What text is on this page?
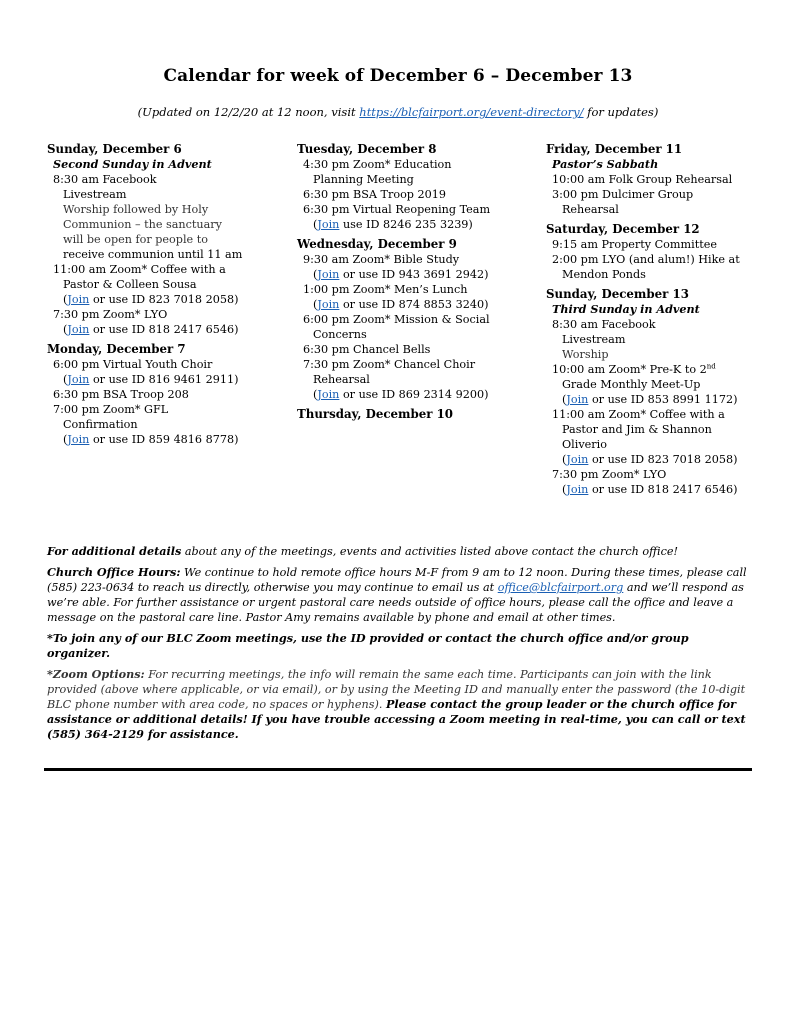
Calendar for week of December 6 – December 13
(Updated on 12/2/20 at 12 noon, visit https://blcfairport.org/event-directory/ for updates)
Sunday, December 6
Second Sunday in Advent
8:30 am Facebook
Livestream
Worship followed by Holy
Communion – the sanctuary
will be open for people to
receive communion until 11 am
11:00 am Zoom* Coffee with a
Pastor & Colleen Sousa
(Join or use ID 823 7018 2058)
7:30 pm Zoom* LYO
(Join or use ID 818 2417 6546)
Monday, December 7
6:00 pm Virtual Youth Choir
(Join or use ID 816 9461 2911)
6:30 pm BSA Troop 208
7:00 pm Zoom* GFL
Confirmation
(Join or use ID 859 4816 8778)
Tuesday, December 8
4:30 pm Zoom* Education
Planning Meeting
6:30 pm BSA Troop 2019
6:30 pm Virtual Reopening Team
(Join use ID 8246 235 3239)
Wednesday, December 9
9:30 am Zoom* Bible Study
(Join or use ID 943 3691 2942)
1:00 pm Zoom* Men’s Lunch
(Join or use ID 874 8853 3240)
6:00 pm Zoom* Mission & Social
Concerns
6:30 pm Chancel Bells
7:30 pm Zoom* Chancel Choir
Rehearsal
(Join or use ID 869 2314 9200)
Thursday, December 10
Friday, December 11
Pastor’s Sabbath
10:00 am Folk Group Rehearsal
3:00 pm Dulcimer Group
Rehearsal
Saturday, December 12
9:15 am Property Committee
2:00 pm LYO (and alum!) Hike at
Mendon Ponds
Sunday, December 13
Third Sunday in Advent
8:30 am Facebook
Livestream
Worship
10:00 am Zoom* Pre-K to 2nd
Grade Monthly Meet-Up
(Join or use ID 853 8991 1172)
11:00 am Zoom* Coffee with a
Pastor and Jim & Shannon
Oliverio
(Join or use ID 823 7018 2058)
7:30 pm Zoom* LYO
(Join or use ID 818 2417 6546)

For additional details about any of the meetings, events and activities listed above contact the church office!

Church Office Hours: We continue to hold remote office hours M-F from 9 am to 12 noon. During these times, please call (585) 223-0634 to reach us directly, otherwise you may continue to email us at office@blcfairport.org and we’ll respond as we’re able. For further assistance or urgent pastoral care needs outside of office hours, please call the office and leave a message on the pastoral care line. Pastor Amy remains available by phone and email at other times.

*To join any of our BLC Zoom meetings, use the ID provided or contact the church office and/or group organizer.

*Zoom Options: For recurring meetings, the info will remain the same each time. Participants can join with the link provided (above where applicable, or via email), or by using the Meeting ID and manually enter the password (the 10-digit BLC phone number with area code, no spaces or hyphens). Please contact the group leader or the church office for assistance or additional details! If you have trouble accessing a Zoom meeting in real-time, you can call or text (585) 364-2129 for assistance.
